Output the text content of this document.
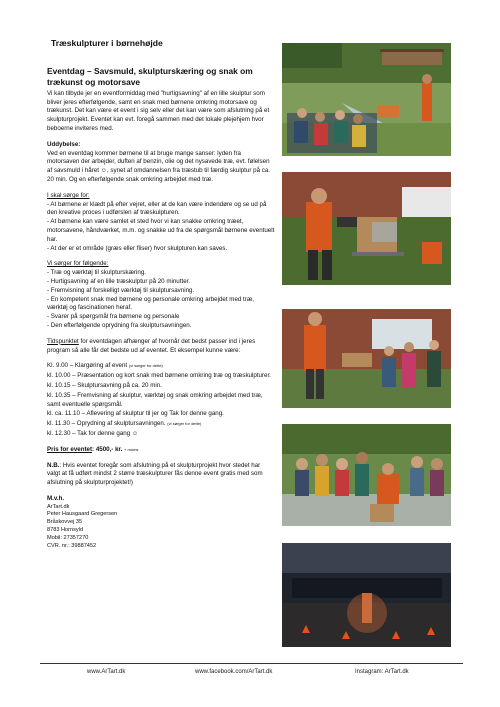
Træskulpturer i børnehøjde

Eventdag – Savsmuld, skulpturskæring og snak om trækunst og motorsave

Vi kan tilbyde jer en eventformiddag med "hurtigsavning" af en lille skulptur som bliver jeres efterfølgende, samt en snak med børnene omkring motorsave og trækunst. Det kan være et event i sig selv eller det kan være som afslutning på et skulpturprojekt. Eventet kan evt. foregå sammen med det lokale plejehjem hvor beboerne inviteres med.

Uddybelse:

Ved en eventdag kommer børnene til at bruge mange sanser: lyden fra motorsaven der arbejder, duften af benzin, olie og det nysavede træ, evt. følelsen af savsmuld i håret ☺, synet af omdannelsen fra træstub til færdig skulptur på ca. 20 min. Og en efterfølgende snak omkring arbejdet med træ.

I skal sørge for:
- At børnene er klædt på efter vejret, eller at de kan være indendøre og se ud på den kreative proces i udførslen af træskulpturen.
- At børnene kan være samlet et sted hvor vi kan snakke omkring træet, motorsavene, håndværket, m.m. og snakke ud fra de spørgsmål børnene eventuelt har.
- At der er et område (græs eller fliser) hvor skulpturen kan saves.
Vi sørger for følgende:
- Træ og værktøj til skulpturskæring.
- Hurtigsavning af en lille træskulptur på 20 minutter.
- Fremvisning af forskelligt værktøj til skulptursavning.
- En kompetent snak med børnene og personale omkring arbejdet med træ, værktøj og fascinationen heraf.
- Svarer på spørgsmål fra børnene og personale
- Den efterfølgende oprydning fra skulptursavningen.

Tidspunktet for eventdagen afhænger af hvornår det bedst passer ind i jeres program så alle får det bedste ud af eventet. Et eksempel kunne være:

Kl. 9.00 – Klargøring af event (vi sørger for dette)
kl. 10.00 – Præsentation og kort snak med børnene omkring træ og træskulpturer.
kl. 10.15 – Skulptursavning på ca. 20 min.
kl. 10.35 – Fremvisning af skulptur, værktøj og snak omkring arbejdet med træ, samt eventuelle spørgsmål.
kl. ca. 11.10 – Aflevering af skulptur til jer og Tak for denne gang.
kl. 11.30 – Oprydning af skulptursavningen. (vi sørger for dette)
kl. 12.30 – Tak for denne gang ☺

Pris for eventet: 4500,- kr. + moms

N.B.: Hvis eventet foregår som afslutning på et skulpturprojekt hvor stedet har valgt at få udført mindst 2 større træskulpturer fås denne event gratis med som afslutning på skulpturprojektet!)

M.v.h.
ArTart.dk
Peter Hausgaard Gregersen
Bråskovvej 35
8783 Hornsyld
Mobil: 27357270
CVR. nr.: 39887452
www.ArTart.dk	www.facebook.com/ArTart.dk	Instagram: ArTart.dk
